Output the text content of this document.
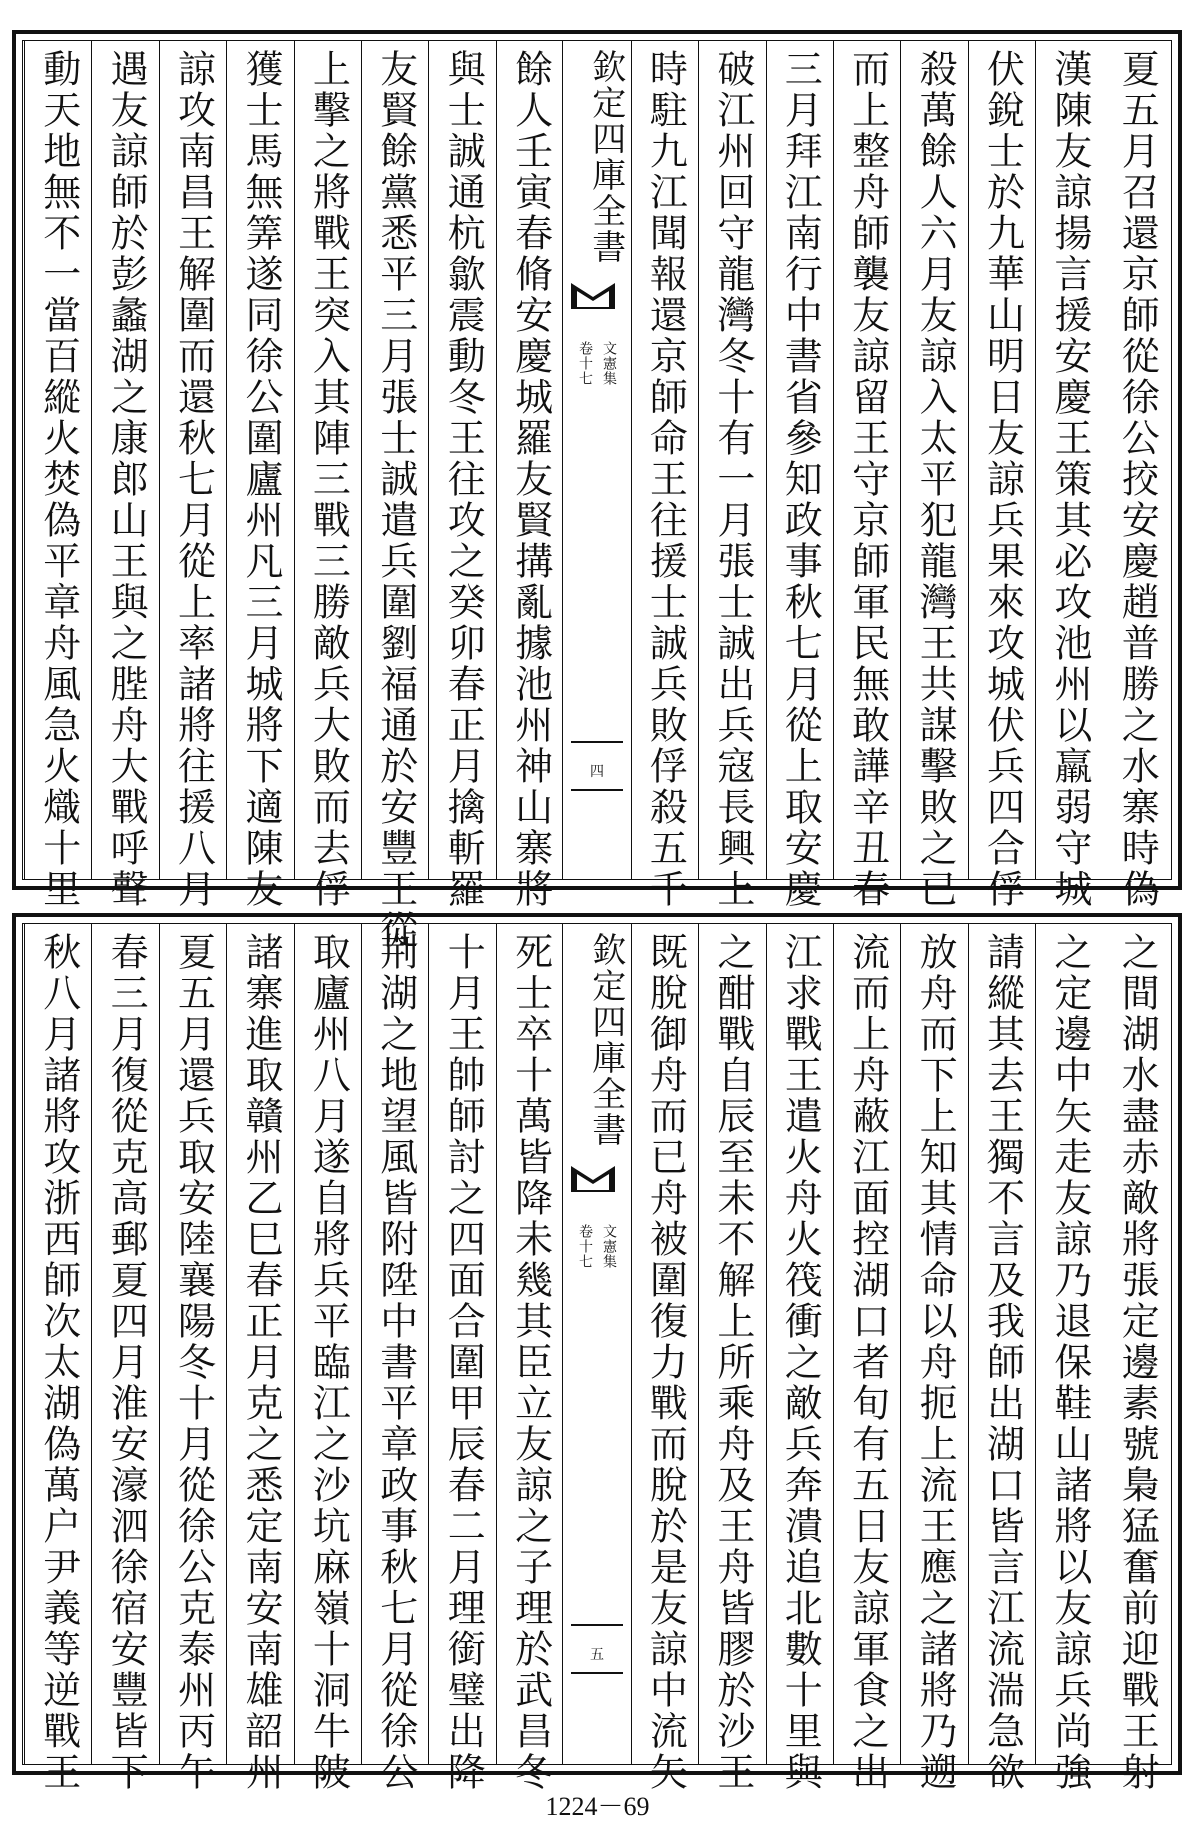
夏五月召還京師從徐公挍安慶趙普勝之水寨時偽
漢陳友諒揚言援安慶王策其必攻池州以羸弱守城
伏銳士於九華山明日友諒兵果來攻城伏兵四合俘
殺萬餘人六月友諒入太平犯龍灣王共謀擊敗之已
而上整舟師襲友諒留王守京師軍民無敢譁辛丑春
三月拜江南行中書省參知政事秋七月從上取安慶
破江州回守龍灣冬十有一月張士誠出兵寇長興上
時駐九江聞報還京師命王往援士誠兵敗俘殺五千
欽定四庫全書
卷十七 文憲集
四
餘人壬寅春脩安慶城羅友賢搆亂據池州神山寨將
與士誠通杭歙震動冬王往攻之癸卯春正月擒斬羅
友賢餘黨悉平三月張士誠遣兵圍劉福通於安豐王從
上擊之將戰王突入其陣三戰三勝敵兵大敗而去俘
獲士馬無筭遂同徐公圍廬州凡三月城將下適陳友
諒攻南昌王解圍而還秋七月從上率諸將往援八月
遇友諒師於彭蠡湖之康郎山王與之䏶舟大戰呼聲
動天地無不一當百縱火焚偽平章舟風急火熾十里
之間湖水盡赤敵將張定邊素號梟猛奮前迎戰王射
之定邊中矢走友諒乃退保鞋山諸將以友諒兵尚強
請縱其去王獨不言及我師出湖口皆言江流湍急欲
放舟而下上知其情命以舟扼上流王應之諸將乃遡
流而上舟蔽江面控湖口者旬有五日友諒軍食之出
江求戰王遣火舟火筏衝之敵兵奔潰追北數十里與
之酣戰自辰至未不解上所乘舟及王舟皆膠於沙王
既脫御舟而已舟被圍復力戰而脫於是友諒中流矢
欽定四庫全書
卷十七 文憲集
五
死士卒十萬皆降未幾其臣立友諒之子理於武昌冬
十月王帥師討之四面合圍甲辰春二月理銜璧出降
荆湖之地望風皆附陞中書平章政事秋七月從徐公
取廬州八月遂自將兵平臨江之沙坑麻嶺十洞牛陂
諸寨進取贛州乙巳春正月克之悉定南安南雄韶州
夏五月還兵取安陸襄陽冬十月從徐公克泰州丙午
春三月復從克高郵夏四月淮安濠泗徐宿安豐皆下
秋八月諸將攻浙西師次太湖偽萬户尹義等逆戰王
1224－69
